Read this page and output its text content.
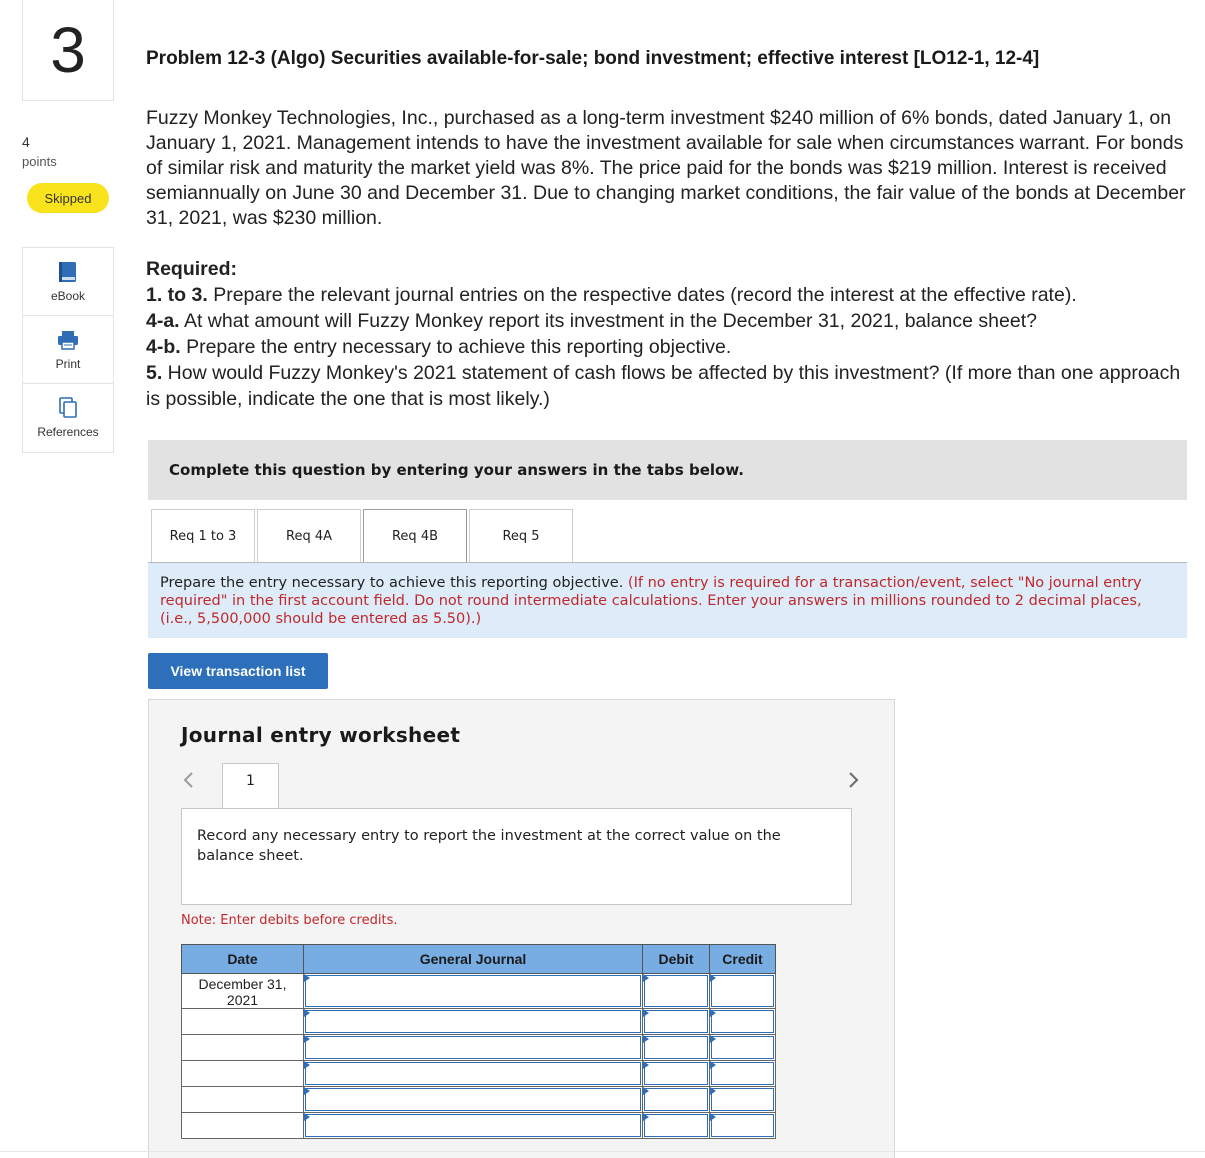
3
4
points
Skipped
eBook
Print
References
Problem 12-3 (Algo) Securities available-for-sale; bond investment; effective interest [LO12-1, 12-4]
Fuzzy Monkey Technologies, Inc., purchased as a long-term investment $240 million of 6% bonds, dated January 1, on January 1, 2021. Management intends to have the investment available for sale when circumstances warrant. For bonds of similar risk and maturity the market yield was 8%. The price paid for the bonds was $219 million. Interest is received semiannually on June 30 and December 31. Due to changing market conditions, the fair value of the bonds at December 31, 2021, was $230 million.
Required:
1. to 3. Prepare the relevant journal entries on the respective dates (record the interest at the effective rate).
4-a. At what amount will Fuzzy Monkey report its investment in the December 31, 2021, balance sheet?
4-b. Prepare the entry necessary to achieve this reporting objective.
5. How would Fuzzy Monkey's 2021 statement of cash flows be affected by this investment? (If more than one approach is possible, indicate the one that is most likely.)
Complete this question by entering your answers in the tabs below.
Req 1 to 3	Req 4A	Req 4B	Req 5
Prepare the entry necessary to achieve this reporting objective. (If no entry is required for a transaction/event, select "No journal entry required" in the first account field. Do not round intermediate calculations. Enter your answers in millions rounded to 2 decimal places, (i.e., 5,500,000 should be entered as 5.50).)
View transaction list
Journal entry worksheet
1
Record any necessary entry to report the investment at the correct value on the balance sheet.
Note: Enter debits before credits.
Date	General Journal	Debit	Credit
December 31, 2021	
